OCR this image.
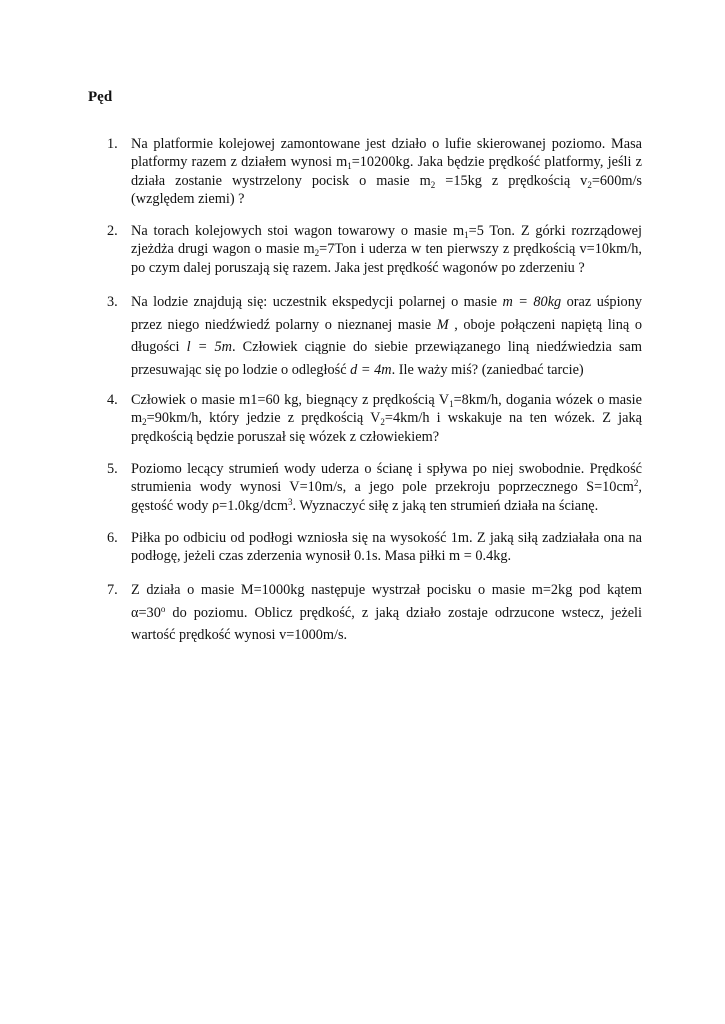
Pęd
1. Na platformie kolejowej zamontowane jest działo o lufie skierowanej poziomo. Masa platformy razem z działem wynosi $m_1=10200kg$. Jaka będzie prędkość platformy, jeśli z działa zostanie wystrzelony pocisk o masie $m_2 =15kg$ z prędkością $v_2=600m/s$ (względem ziemi) ?
2. Na torach kolejowych stoi wagon towarowy o masie $m_1=5$ Ton. Z górki rozrządowej zjeżdża drugi wagon o masie $m_2=7Ton$ i uderza w ten pierwszy z prędkością v=10km/h, po czym dalej poruszają się razem. Jaka jest prędkość wagonów po zderzeniu ?
3. Na lodzie znajdują się: uczestnik ekspedycji polarnej o masie m = 80kg oraz uśpiony przez niego niedźwiedź polarny o nieznanej masie M , oboje połączeni napiętą liną o długości l = 5m. Człowiek ciągnie do siebie przewiązanego liną niedźwiedzia sam przesuwając się po lodzie o odległość d = 4m. Ile waży miś? (zaniedbać tarcie)
4. Człowiek o masie m1=60 kg, biegnący z prędkością $V_1=8km/h$, dogania wózek o masie $m_2=90km/h$, który jedzie z prędkością $V_2=4km/h$ i wskakuje na ten wózek. Z jaką prędkością będzie poruszał się wózek z człowiekiem?
5. Poziomo lecący strumień wody uderza o ścianę i spływa po niej swobodnie. Prędkość strumienia wody wynosi V=10m/s, a jego pole przekroju poprzecznego $S=10cm^2$, gęstość wody ρ=1.0kg/dcm$^3$. Wyznaczyć siłę z jaką ten strumień działa na ścianę.
6. Piłka po odbiciu od podłogi wzniosła się na wysokość 1m. Z jaką siłą zadziałała ona na podłogę, jeżeli czas zderzenia wynosił 0.1s. Masa piłki m = 0.4kg.
7. Z działa o masie M=1000kg następuje wystrzał pocisku o masie m=2kg pod kątem $\alpha=30^o$ do poziomu. Oblicz prędkość, z jaką działo zostaje odrzucone wstecz, jeżeli wartość prędkość wynosi v=1000m/s.
